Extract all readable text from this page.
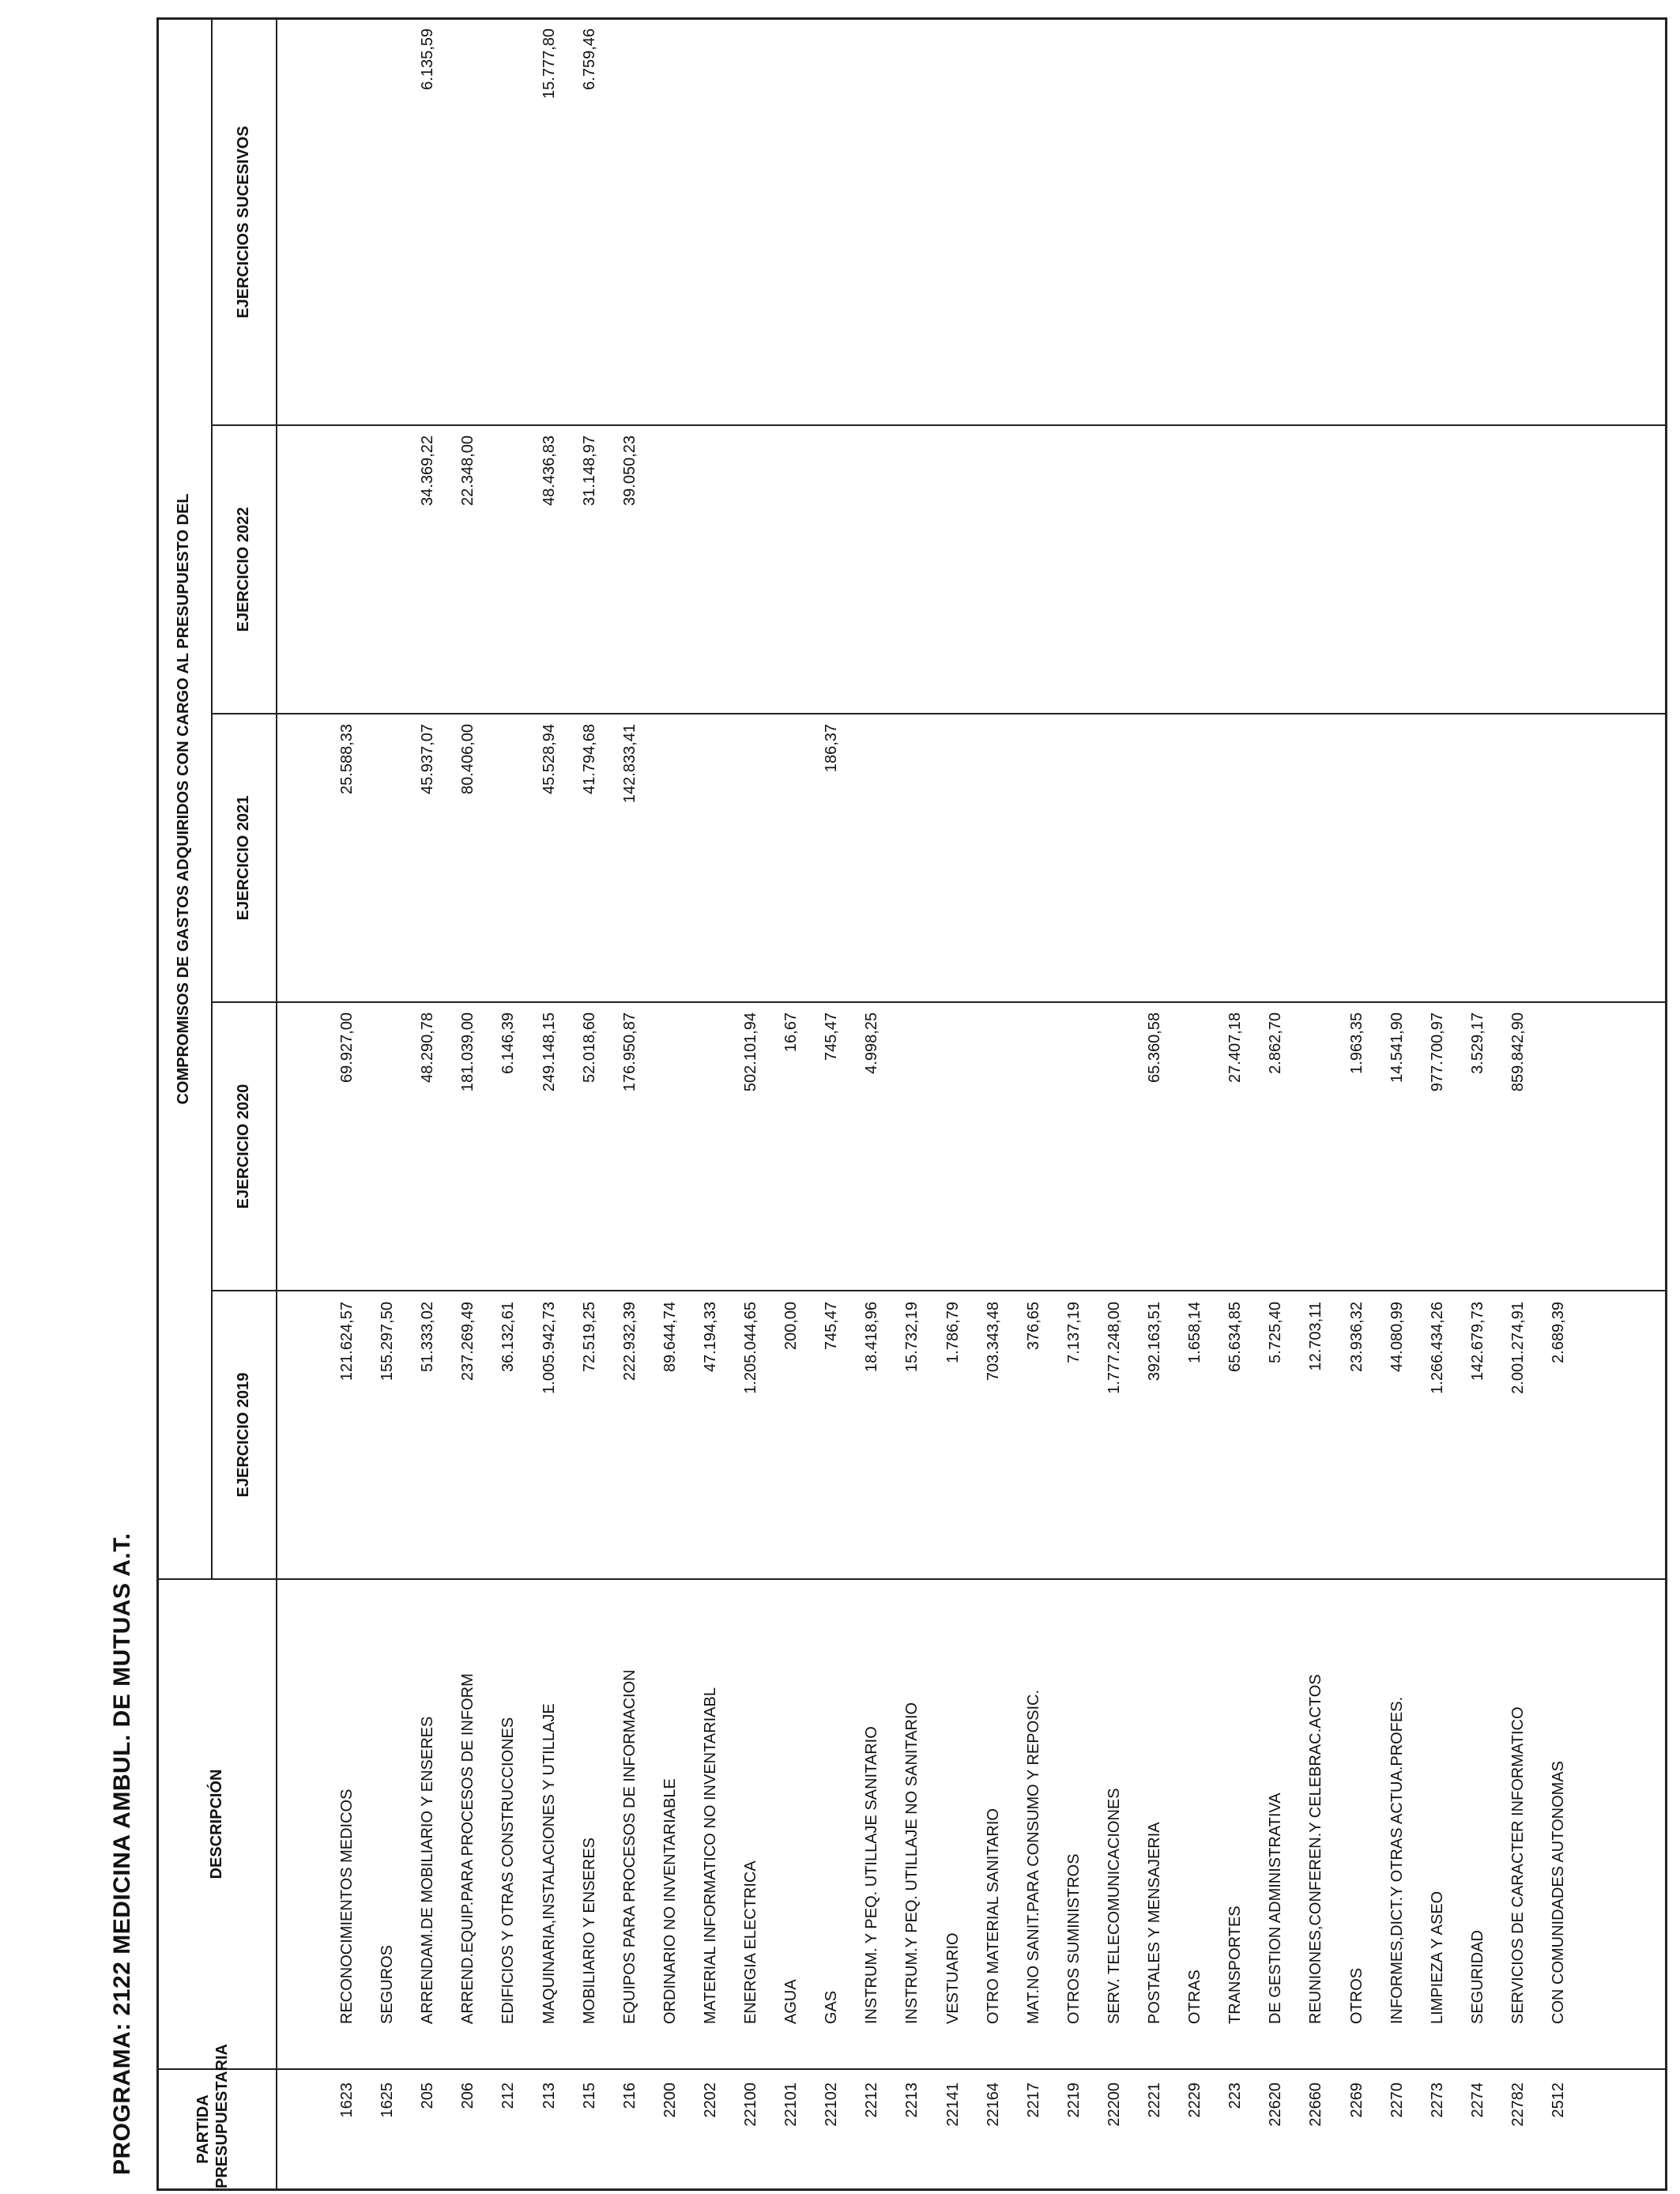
PROGRAMA: 2122 MEDICINA AMBUL. DE MUTUAS A.T.	PARTIDA PRESUPUESTARIA
DESCRIPCIÓN
COMPROMISOS DE GASTOS ADQUIRIDOS CON CARGO AL PRESUPUESTO DEL
EJERCICIO 2019
EJERCICIO 2020
EJERCICIO 2021
EJERCICIO 2022
EJERCICIOS SUCESIVOS
1623
RECONOCIMIENTOS MEDICOS
121.624,57
69.927,00
25.588,33
1625
SEGUROS
155.297,50
205
ARRENDAM.DE MOBILIARIO Y ENSERES
51.333,02
48.290,78
45.937,07
34.369,22
6.135,59
206
ARREND.EQUIP.PARA PROCESOS DE INFORM
237.269,49
181.039,00
80.406,00
22.348,00
212
EDIFICIOS Y OTRAS CONSTRUCCIONES
36.132,61
6.146,39
213
MAQUINARIA,INSTALACIONES Y UTILLAJE
1.005.942,73
249.148,15
45.528,94
48.436,83
15.777,80
215
MOBILIARIO Y ENSERES
72.519,25
52.018,60
41.794,68
31.148,97
6.759,46
216
EQUIPOS PARA PROCESOS DE INFORMACION
222.932,39
176.950,87
142.833,41
39.050,23
2200
ORDINARIO NO INVENTARIABLE
89.644,74
2202
MATERIAL INFORMATICO NO INVENTARIABL
47.194,33
22100
ENERGIA ELECTRICA
1.205.044,65
502.101,94
22101
AGUA
200,00
16,67
22102
GAS
745,47
745,47
186,37
2212
INSTRUM. Y PEQ. UTILLAJE SANITARIO
18.418,96
4.998,25
2213
INSTRUM.Y PEQ. UTILLAJE NO SANITARIO
15.732,19
22141
VESTUARIO
1.786,79
22164
OTRO MATERIAL SANITARIO
703.343,48
2217
MAT.NO SANIT.PARA CONSUMO Y REPOSIC.
376,65
2219
OTROS SUMINISTROS
7.137,19
22200
SERV. TELECOMUNICACIONES
1.777.248,00
2221
POSTALES Y MENSAJERIA
392.163,51
65.360,58
2229
OTRAS
1.658,14
223
TRANSPORTES
65.634,85
27.407,18
22620
DE GESTION ADMINISTRATIVA
5.725,40
2.862,70
22660
REUNIONES,CONFEREN.Y CELEBRAC.ACTOS
12.703,11
2269
OTROS
23.936,32
1.963,35
2270
INFORMES,DICT.Y OTRAS ACTUA.PROFES.
44.080,99
14.541,90
2273
LIMPIEZA Y ASEO
1.266.434,26
977.700,97
2274
SEGURIDAD
142.679,73
3.529,17
22782
SERVICIOS DE CARACTER INFORMATICO
2.001.274,91
859.842,90
2512
CON COMUNIDADES AUTONOMAS
2.689,39
